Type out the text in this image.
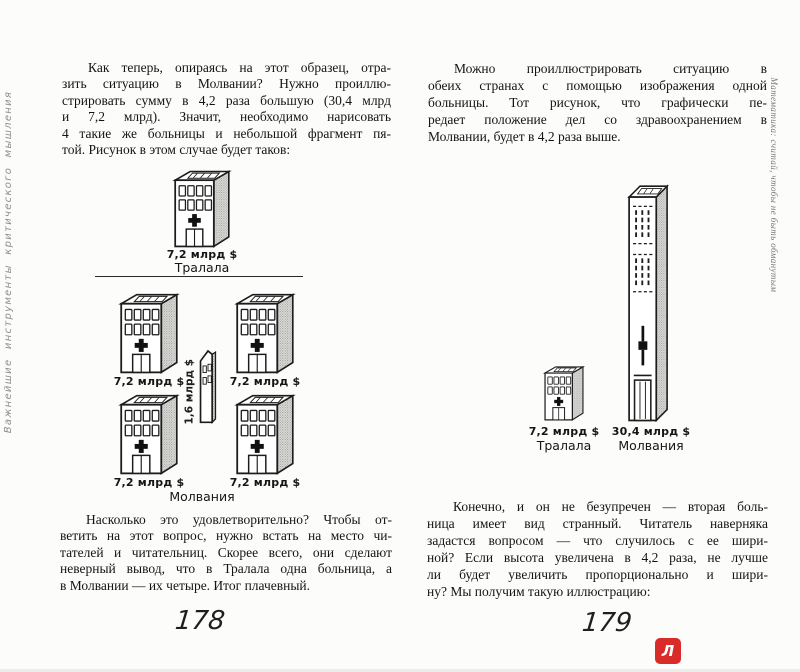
Важнейшие инструменты критического мышления	Математика: считай, чтобы не быть обманутым
Как теперь, опираясь на этот образец, отра-
зить ситуацию в Молвании? Нужно проиллю-
стрировать сумму в 4,2 раза большую (30,4 млрд
и 7,2 млрд). Значит, необходимо нарисовать
4 такие же больницы и небольшой фрагмент пя-
той. Рисунок в этом случае будет таков:
7,2 млрд $
Тралала
7,2 млрд $	7,2 млрд $
1,6 млрд $
7,2 млрд $	7,2 млрд $
Молвания
Насколько это удовлетворительно? Чтобы от-
ветить на этот вопрос, нужно встать на место чи-
тателей и читательниц. Скорее всего, они сделают
неверный вывод, что в Тралала одна больница, а
в Молвании — их четыре. Итог плачевный.
178
Можно проиллюстрировать ситуацию в
обеих странах с помощью изображения одной
больницы. Тот рисунок, что графически пе-
редает положение дел со здравоохранением в
Молвании, будет в 4,2 раза выше.
7,2 млрд $
Тралала
30,4 млрд $
Молвания
Конечно, и он не безупречен — вторая боль-
ница имеет вид странный. Читатель наверняка
задастся вопросом — что случилось с ее шири-
ной? Если высота увеличена в 4,2 раза, не лучше
ли будет увеличить пропорционально и шири-
ну? Мы получим такую иллюстрацию:
179
Л
